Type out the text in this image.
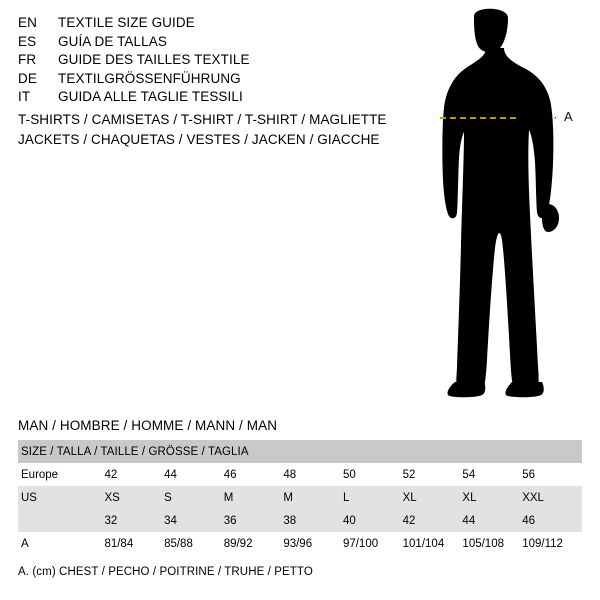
EN	TEXTILE SIZE GUIDE
ES	GUÍA DE TALLAS
FR	GUIDE DES TAILLES TEXTILE
DE	TEXTILGRÖSSENFÜHRUNG
IT	GUIDA ALLE TAGLIE TESSILI
T-SHIRTS / CAMISETAS / T-SHIRT / T-SHIRT / MAGLIETTE
JACKETS / CHAQUETAS / VESTES / JACKEN / GIACCHE
· · A
MAN / HOMBRE / HOMME / MANN / MAN
SIZE / TALLA / TAILLE / GRÖSSE / TAGLIA								
Europe	42	44	46	48	50	52	54	56
US	XS	S	M	M	L	XL	XL	XXL
	32	34	36	38	40	42	44	46
A	81/84	85/88	89/92	93/96	97/100	101/104	105/108	109/112
A. (cm) CHEST / PECHO / POITRINE / TRUHE / PETTO
